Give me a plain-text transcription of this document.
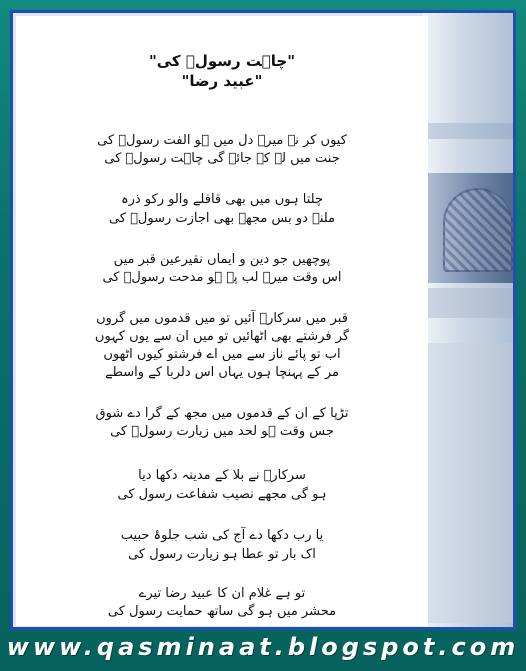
"چاہت رسولؐ کی"
"عبید رضا"
کیوں کر نہ میرے دل میں ہو الفت رسولؐ کی
جنت میں لے کے جائے گی چاہت رسولؐ کی
چلتا ہوں میں بھی قافلے والو رکو ذرہ
ملنے دو بس مجھے بھی اجازت رسولؐ کی
پوچھیں جو دین و ایماں نقیرعین قبر میں
اس وقت میرے لب پہ ہو مدحت رسولؐ کی
قبر میں سرکارؐ آئیں تو میں قدموں میں گروں
گر فرشتے بھی اٹھائیں تو میں ان سے یوں کہوں
اب تو پائے ناز سے میں اے فرشتو کیوں اٹھوں
مر کے پہنچا ہوں یہاں اس دلربا کے واسطے
تڑپا کے ان کے قدموں میں مجھ کے گرا دے شوق
جس وقت ہو لحد میں زیارت رسولؐ کی
سرکارؐ نے بلا کے مدینہ دکھا دیا
ہو گی مجھے نصیب شفاعت رسول کی
یا رب دکھا دے آج کی شب جلوۂ حبیب
اک بار تو عطا ہو زیارت رسول کی
تو ہے غلام ان کا عبید رضا تیرے
محشر میں ہو گی ساتھ حمایت رسول کی
www.qasminaat.blogspot.com
